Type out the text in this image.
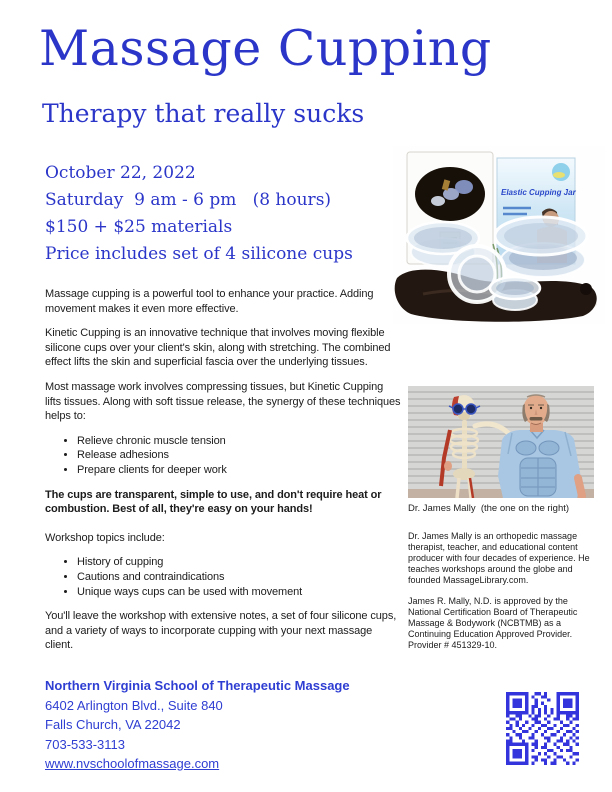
Massage Cupping
Therapy that really sucks
October 22, 2022
Saturday  9 am - 6 pm   (8 hours)
$150 + $25 materials
Price includes set of 4 silicone cups
Elastic Cupping Jar

Massage cupping is a powerful tool to enhance your practice. Adding movement makes it even more effective.

Kinetic Cupping is an innovative technique that involves moving flexible silicone cups over your client's skin, along with stretching. The combined effect lifts the skin and superficial fascia over the underlying tissues.

Most massage work involves compressing tissues, but Kinetic Cupping lifts tissues. Along with soft tissue release, the synergy of these techniques helps to:

• Relieve chronic muscle tension
• Release adhesions
• Prepare clients for deeper work

The cups are transparent, simple to use, and don't require heat or combustion. Best of all, they're easy on your hands!

Workshop topics include:

• History of cupping
• Cautions and contraindications
• Unique ways cups can be used with movement

You'll leave the workshop with extensive notes, a set of four silicone cups, and a variety of ways to incorporate cupping with your next massage client.

Dr. James Mally  (the one on the right)

Dr. James Mally is an orthopedic massage therapist, teacher, and educational content producer with four decades of experience. He teaches workshops around the globe and founded MassageLibrary.com.

James R. Mally, N.D. is approved by the National Certification Board of Therapeutic Massage & Bodywork (NCBTMB) as a Continuing Education Approved Provider. Provider # 451329-10.

Northern Virginia School of Therapeutic Massage
6402 Arlington Blvd., Suite 840
Falls Church, VA 22042
703-533-3113
www.nvschoolofmassage.com
